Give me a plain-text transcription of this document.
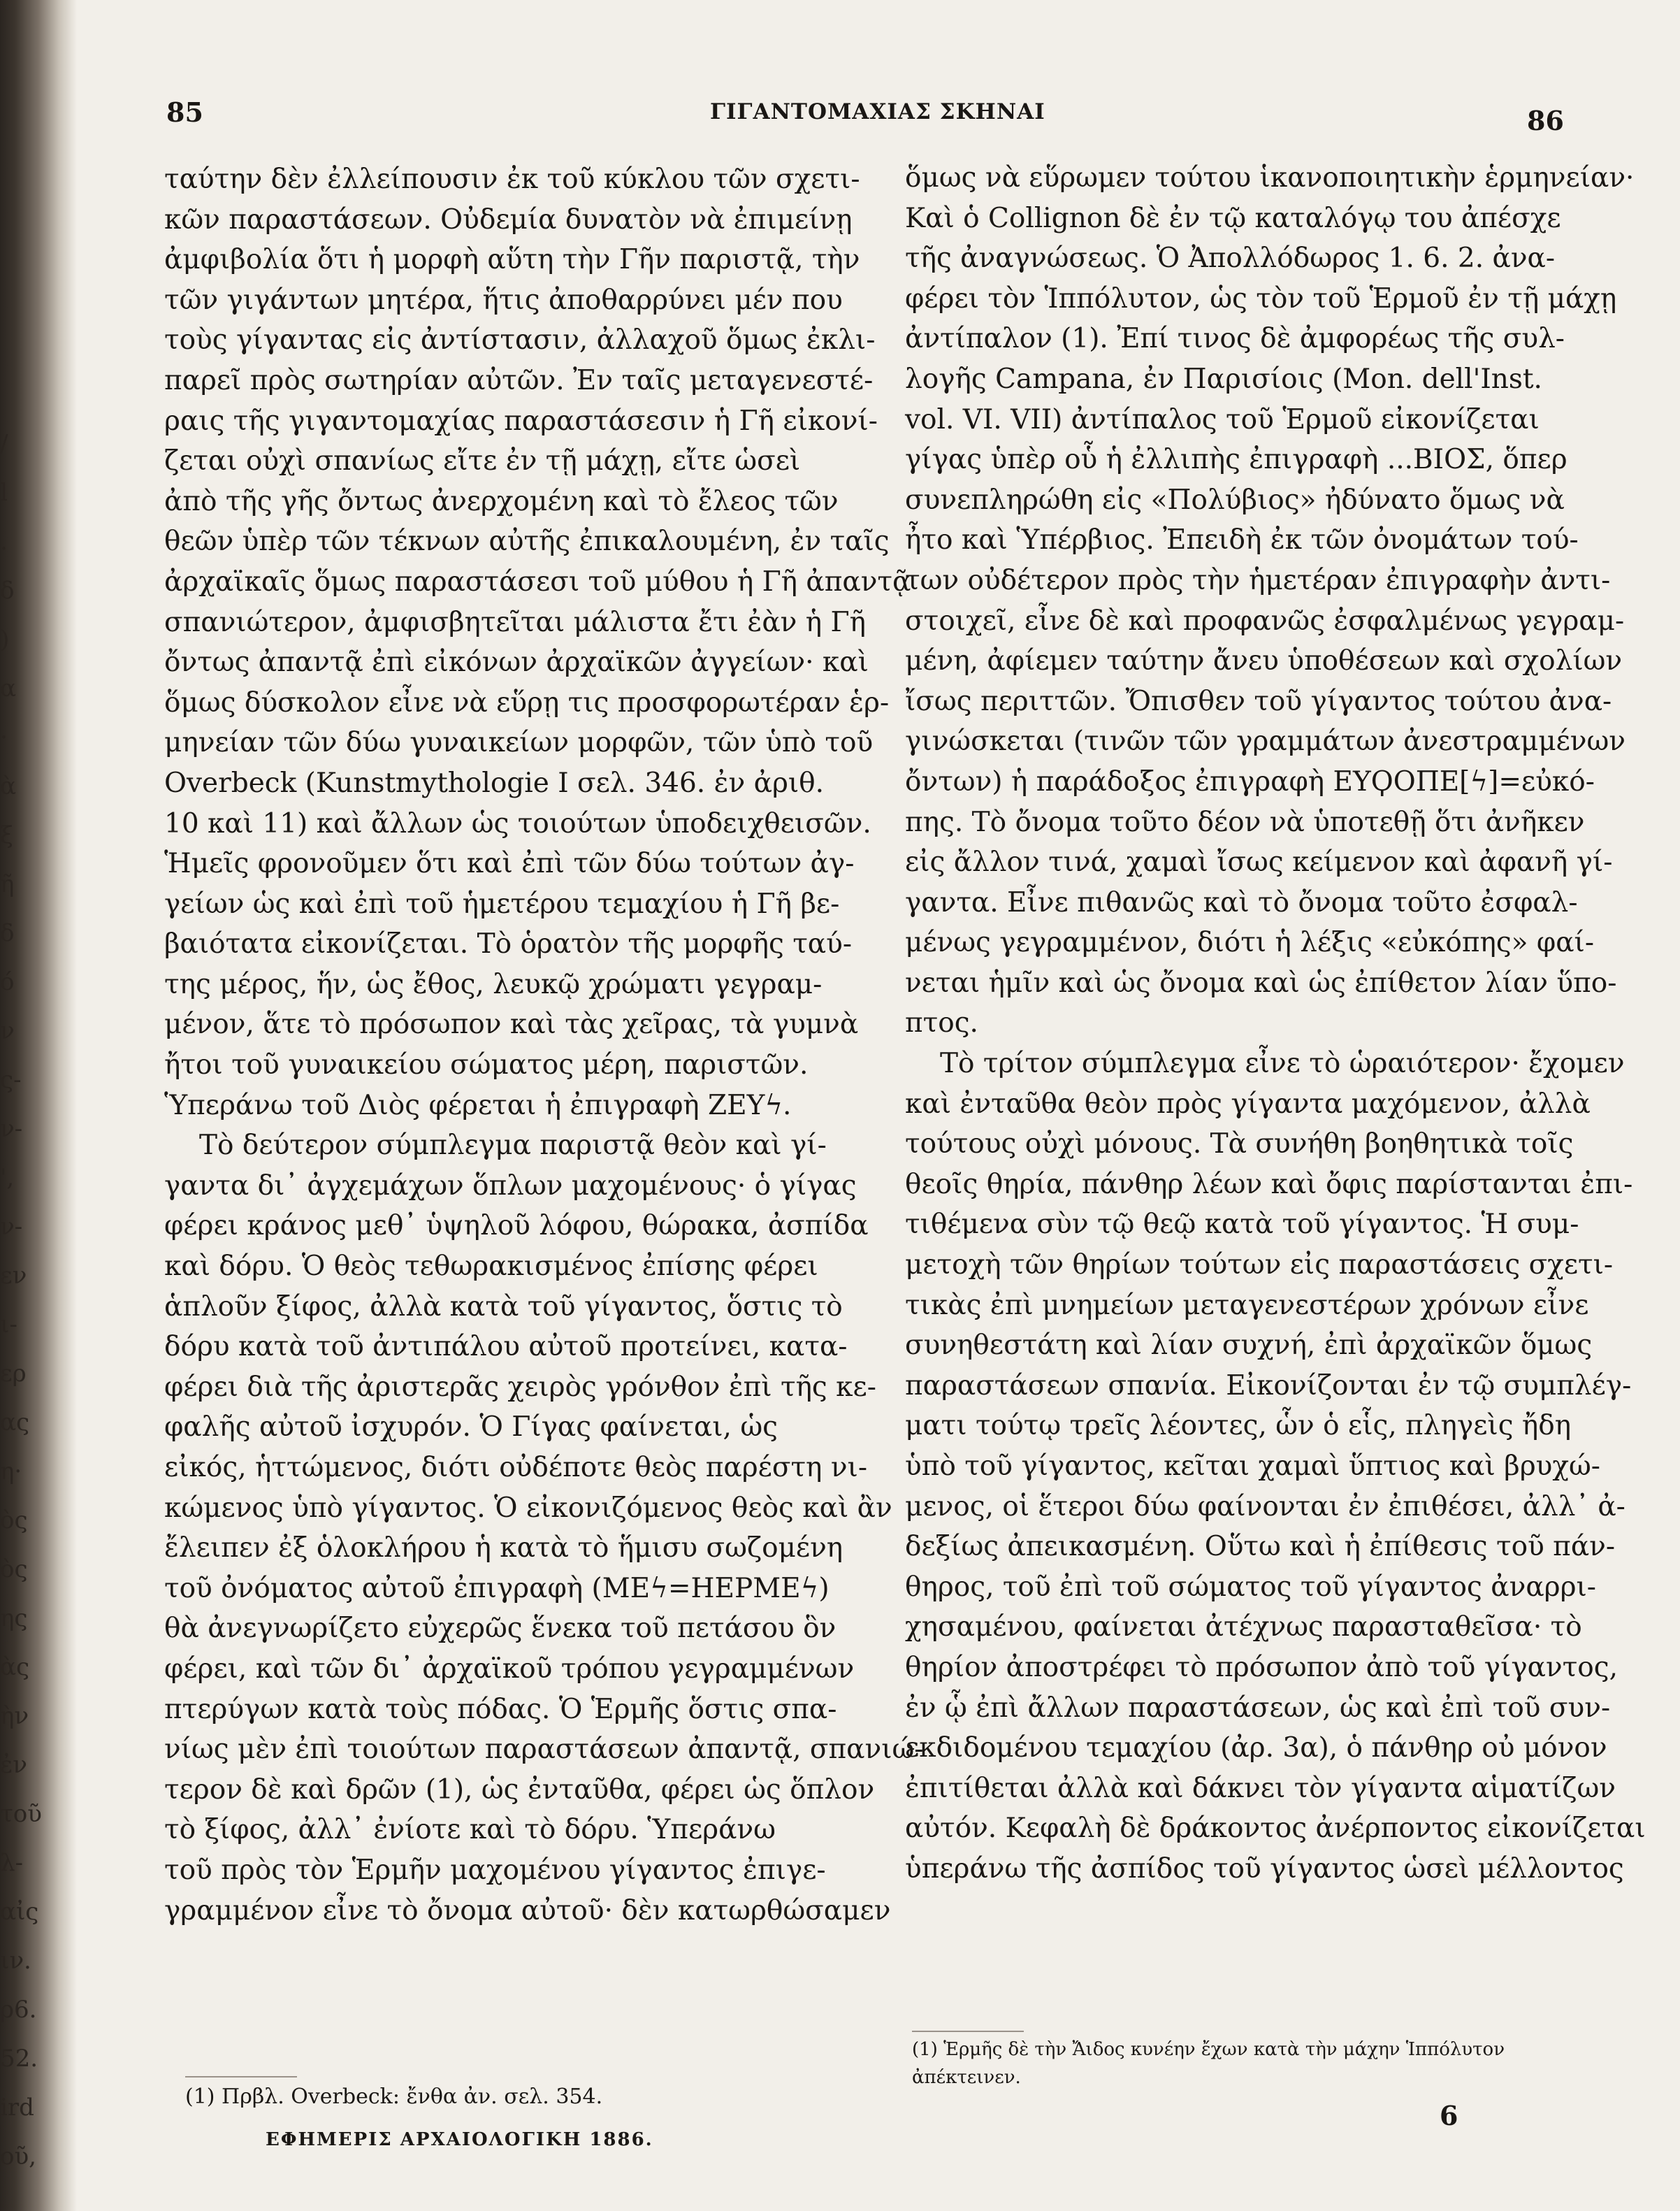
/
l
.
δ
)
α
·
ὰ
ξ
ῆ
δ
ό
ν
ς-
ν-
',
ν-
εν
ι-
ερ
ας
η·
ὸς
ὸς
ης
ὰς
ὴν
ἐν
τοῦ
λ-
αἰς
ιν.
ρ6.
52.
ird
οῦ,
85	ΓΙΓΑΝΤΟΜΑΧΙΑΣ ΣΚΗΝΑΙ	86
ταύτην δὲν ἐλλείπουσιν ἐκ τοῦ κύκλου τῶν σχετι-
κῶν παραστάσεων. Οὐδεμία δυνατὸν νὰ ἐπιμείνῃ
ἀμφιβολία ὅτι ἡ μορφὴ αὕτη τὴν Γῆν παριστᾷ, τὴν
τῶν γιγάντων μητέρα, ἥτις ἀποθαρρύνει μέν που
τοὺς γίγαντας εἰς ἀντίστασιν, ἀλλαχοῦ ὅμως ἐκλι-
παρεῖ πρὸς σωτηρίαν αὐτῶν. Ἐν ταῖς μεταγενεστέ-
ραις τῆς γιγαντομαχίας παραστάσεσιν ἡ Γῆ εἰκονί-
ζεται οὐχὶ σπανίως εἴτε ἐν τῇ μάχῃ, εἴτε ὡσεὶ
ἀπὸ τῆς γῆς ὄντως ἀνερχομένη καὶ τὸ ἔλεος τῶν
θεῶν ὑπὲρ τῶν τέκνων αὐτῆς ἐπικαλουμένη, ἐν ταῖς
ἀρχαϊκαῖς ὅμως παραστάσεσι τοῦ μύθου ἡ Γῆ ἀπαντᾷ
σπανιώτερον, ἀμφισβητεῖται μάλιστα ἔτι ἐὰν ἡ Γῆ
ὄντως ἀπαντᾷ ἐπὶ εἰκόνων ἀρχαϊκῶν ἀγγείων· καὶ
ὅμως δύσκολον εἶνε νὰ εὕρῃ τις προσφορωτέραν ἑρ-
μηνείαν τῶν δύω γυναικείων μορφῶν, τῶν ὑπὸ τοῦ
Overbeck (Kunstmythologie I σελ. 346. ἐν ἀριθ.
10 καὶ 11) καὶ ἄλλων ὡς τοιούτων ὑποδειχθεισῶν.
Ἡμεῖς φρονοῦμεν ὅτι καὶ ἐπὶ τῶν δύω τούτων ἀγ-
γείων ὡς καὶ ἐπὶ τοῦ ἡμετέρου τεμαχίου ἡ Γῆ βε-
βαιότατα εἰκονίζεται. Τὸ ὁρατὸν τῆς μορφῆς ταύ-
της μέρος, ἥν, ὡς ἔθος, λευκῷ χρώματι γεγραμ-
μένον, ἅτε τὸ πρόσωπον καὶ τὰς χεῖρας, τὰ γυμνὰ
ἤτοι τοῦ γυναικείου σώματος μέρη, παριστῶν.
Ὑπεράνω τοῦ Διὸς φέρεται ἡ ἐπιγραφὴ ZEYϟ.
Τὸ δεύτερον σύμπλεγμα παριστᾷ θεὸν καὶ γί-
γαντα δι᾽ ἀγχεμάχων ὅπλων μαχομένους· ὁ γίγας
φέρει κράνος μεθ᾽ ὑψηλοῦ λόφου, θώρακα, ἀσπίδα
καὶ δόρυ. Ὁ θεὸς τεθωρακισμένος ἐπίσης φέρει
ἁπλοῦν ξίφος, ἀλλὰ κατὰ τοῦ γίγαντος, ὅστις τὸ
δόρυ κατὰ τοῦ ἀντιπάλου αὐτοῦ προτείνει, κατα-
φέρει διὰ τῆς ἀριστερᾶς χειρὸς γρόνθον ἐπὶ τῆς κε-
φαλῆς αὐτοῦ ἰσχυρόν. Ὁ Γίγας φαίνεται, ὡς
εἰκός, ἡττώμενος, διότι οὐδέποτε θεὸς παρέστη νι-
κώμενος ὑπὸ γίγαντος. Ὁ εἰκονιζόμενος θεὸς καὶ ἂν
ἔλειπεν ἐξ ὁλοκλήρου ἡ κατὰ τὸ ἥμισυ σωζομένη
τοῦ ὀνόματος αὐτοῦ ἐπιγραφὴ (MEϟ=HEPMEϟ)
θὰ ἀνεγνωρίζετο εὐχερῶς ἕνεκα τοῦ πετάσου ὃν
φέρει, καὶ τῶν δι᾽ ἀρχαϊκοῦ τρόπου γεγραμμένων
πτερύγων κατὰ τοὺς πόδας. Ὁ Ἑρμῆς ὅστις σπα-
νίως μὲν ἐπὶ τοιούτων παραστάσεων ἀπαντᾷ, σπανιώ-
τερον δὲ καὶ δρῶν (1), ὡς ἐνταῦθα, φέρει ὡς ὅπλον
τὸ ξίφος, ἀλλ᾽ ἐνίοτε καὶ τὸ δόρυ. Ὑπεράνω
τοῦ πρὸς τὸν Ἑρμῆν μαχομένου γίγαντος ἐπιγε-
γραμμένον εἶνε τὸ ὄνομα αὐτοῦ· δὲν κατωρθώσαμεν
ὅμως νὰ εὕρωμεν τούτου ἱκανοποιητικὴν ἑρμηνείαν·
Καὶ ὁ Collignon δὲ ἐν τῷ καταλόγῳ του ἀπέσχε
τῆς ἀναγνώσεως. Ὁ Ἀπολλόδωρος 1. 6. 2. ἀνα-
φέρει τὸν Ἱππόλυτον, ὡς τὸν τοῦ Ἑρμοῦ ἐν τῇ μάχῃ
ἀντίπαλον (1). Ἐπί τινος δὲ ἀμφορέως τῆς συλ-
λογῆς Campana, ἐν Παρισίοις (Mon. dell'Inst.
vol. VI. VII) ἀντίπαλος τοῦ Ἑρμοῦ εἰκονίζεται
γίγας ὑπὲρ οὗ ἡ ἐλλιπὴς ἐπιγραφὴ ...ΒΙΟΣ, ὅπερ
συνεπληρώθη εἰς «Πολύβιος» ἠδύνατο ὅμως νὰ
ἦτο καὶ Ὑπέρβιος. Ἐπειδὴ ἐκ τῶν ὀνομάτων τού-
των οὐδέτερον πρὸς τὴν ἡμετέραν ἐπιγραφὴν ἀντι-
στοιχεῖ, εἶνε δὲ καὶ προφανῶς ἐσφαλμένως γεγραμ-
μένη, ἀφίεμεν ταύτην ἄνευ ὑποθέσεων καὶ σχολίων
ἴσως περιττῶν. Ὄπισθεν τοῦ γίγαντος τούτου ἀνα-
γινώσκεται (τινῶν τῶν γραμμάτων ἀνεστραμμένων
ὄντων) ἡ παράδοξος ἐπιγραφὴ ΕΥϘΟΠΕ[ϟ]=εὐκό-
πης. Τὸ ὄνομα τοῦτο δέον νὰ ὑποτεθῇ ὅτι ἀνῆκεν
εἰς ἄλλον τινά, χαμαὶ ἴσως κείμενον καὶ ἀφανῆ γί-
γαντα. Εἶνε πιθανῶς καὶ τὸ ὄνομα τοῦτο ἐσφαλ-
μένως γεγραμμένον, διότι ἡ λέξις «εὐκόπης» φαί-
νεται ἡμῖν καὶ ὡς ὄνομα καὶ ὡς ἐπίθετον λίαν ὕπο-
πτος.
Τὸ τρίτον σύμπλεγμα εἶνε τὸ ὡραιότερον· ἔχομεν
καὶ ἐνταῦθα θεὸν πρὸς γίγαντα μαχόμενον, ἀλλὰ
τούτους οὐχὶ μόνους. Τὰ συνήθη βοηθητικὰ τοῖς
θεοῖς θηρία, πάνθηρ λέων καὶ ὄφις παρίστανται ἐπι-
τιθέμενα σὺν τῷ θεῷ κατὰ τοῦ γίγαντος. Ἡ συμ-
μετοχὴ τῶν θηρίων τούτων εἰς παραστάσεις σχετι-
τικὰς ἐπὶ μνημείων μεταγενεστέρων χρόνων εἶνε
συνηθεστάτη καὶ λίαν συχνή, ἐπὶ ἀρχαϊκῶν ὅμως
παραστάσεων σπανία. Εἰκονίζονται ἐν τῷ συμπλέγ-
ματι τούτῳ τρεῖς λέοντες, ὧν ὁ εἷς, πληγεὶς ἤδη
ὑπὸ τοῦ γίγαντος, κεῖται χαμαὶ ὕπτιος καὶ βρυχώ-
μενος, οἱ ἕτεροι δύω φαίνονται ἐν ἐπιθέσει, ἀλλ᾽ ἀ-
δεξίως ἀπεικασμένη. Οὕτω καὶ ἡ ἐπίθεσις τοῦ πάν-
θηρος, τοῦ ἐπὶ τοῦ σώματος τοῦ γίγαντος ἀναρρι-
χησαμένου, φαίνεται ἀτέχνως παρασταθεῖσα· τὸ
θηρίον ἀποστρέφει τὸ πρόσωπον ἀπὸ τοῦ γίγαντος,
ἐν ᾧ ἐπὶ ἄλλων παραστάσεων, ὡς καὶ ἐπὶ τοῦ συν-
εκδιδομένου τεμαχίου (ἀρ. 3α), ὁ πάνθηρ οὐ μόνον
ἐπιτίθεται ἀλλὰ καὶ δάκνει τὸν γίγαντα αἱματίζων
αὐτόν. Κεφαλὴ δὲ δράκοντος ἀνέρποντος εἰκονίζεται
ὑπεράνω τῆς ἀσπίδος τοῦ γίγαντος ὡσεὶ μέλλοντος
(1) Πρβλ. Overbeck: ἔνθα ἀν. σελ. 354.
ΕΦΗΜΕΡΙΣ ΑΡΧΑΙΟΛΟΓΙΚΗ 1886.
(1) Ἑρμῆς δὲ τὴν Ἄιδος κυνέην ἔχων κατὰ τὴν μάχην Ἱππόλυτον ἀπέκτεινεν.
6
